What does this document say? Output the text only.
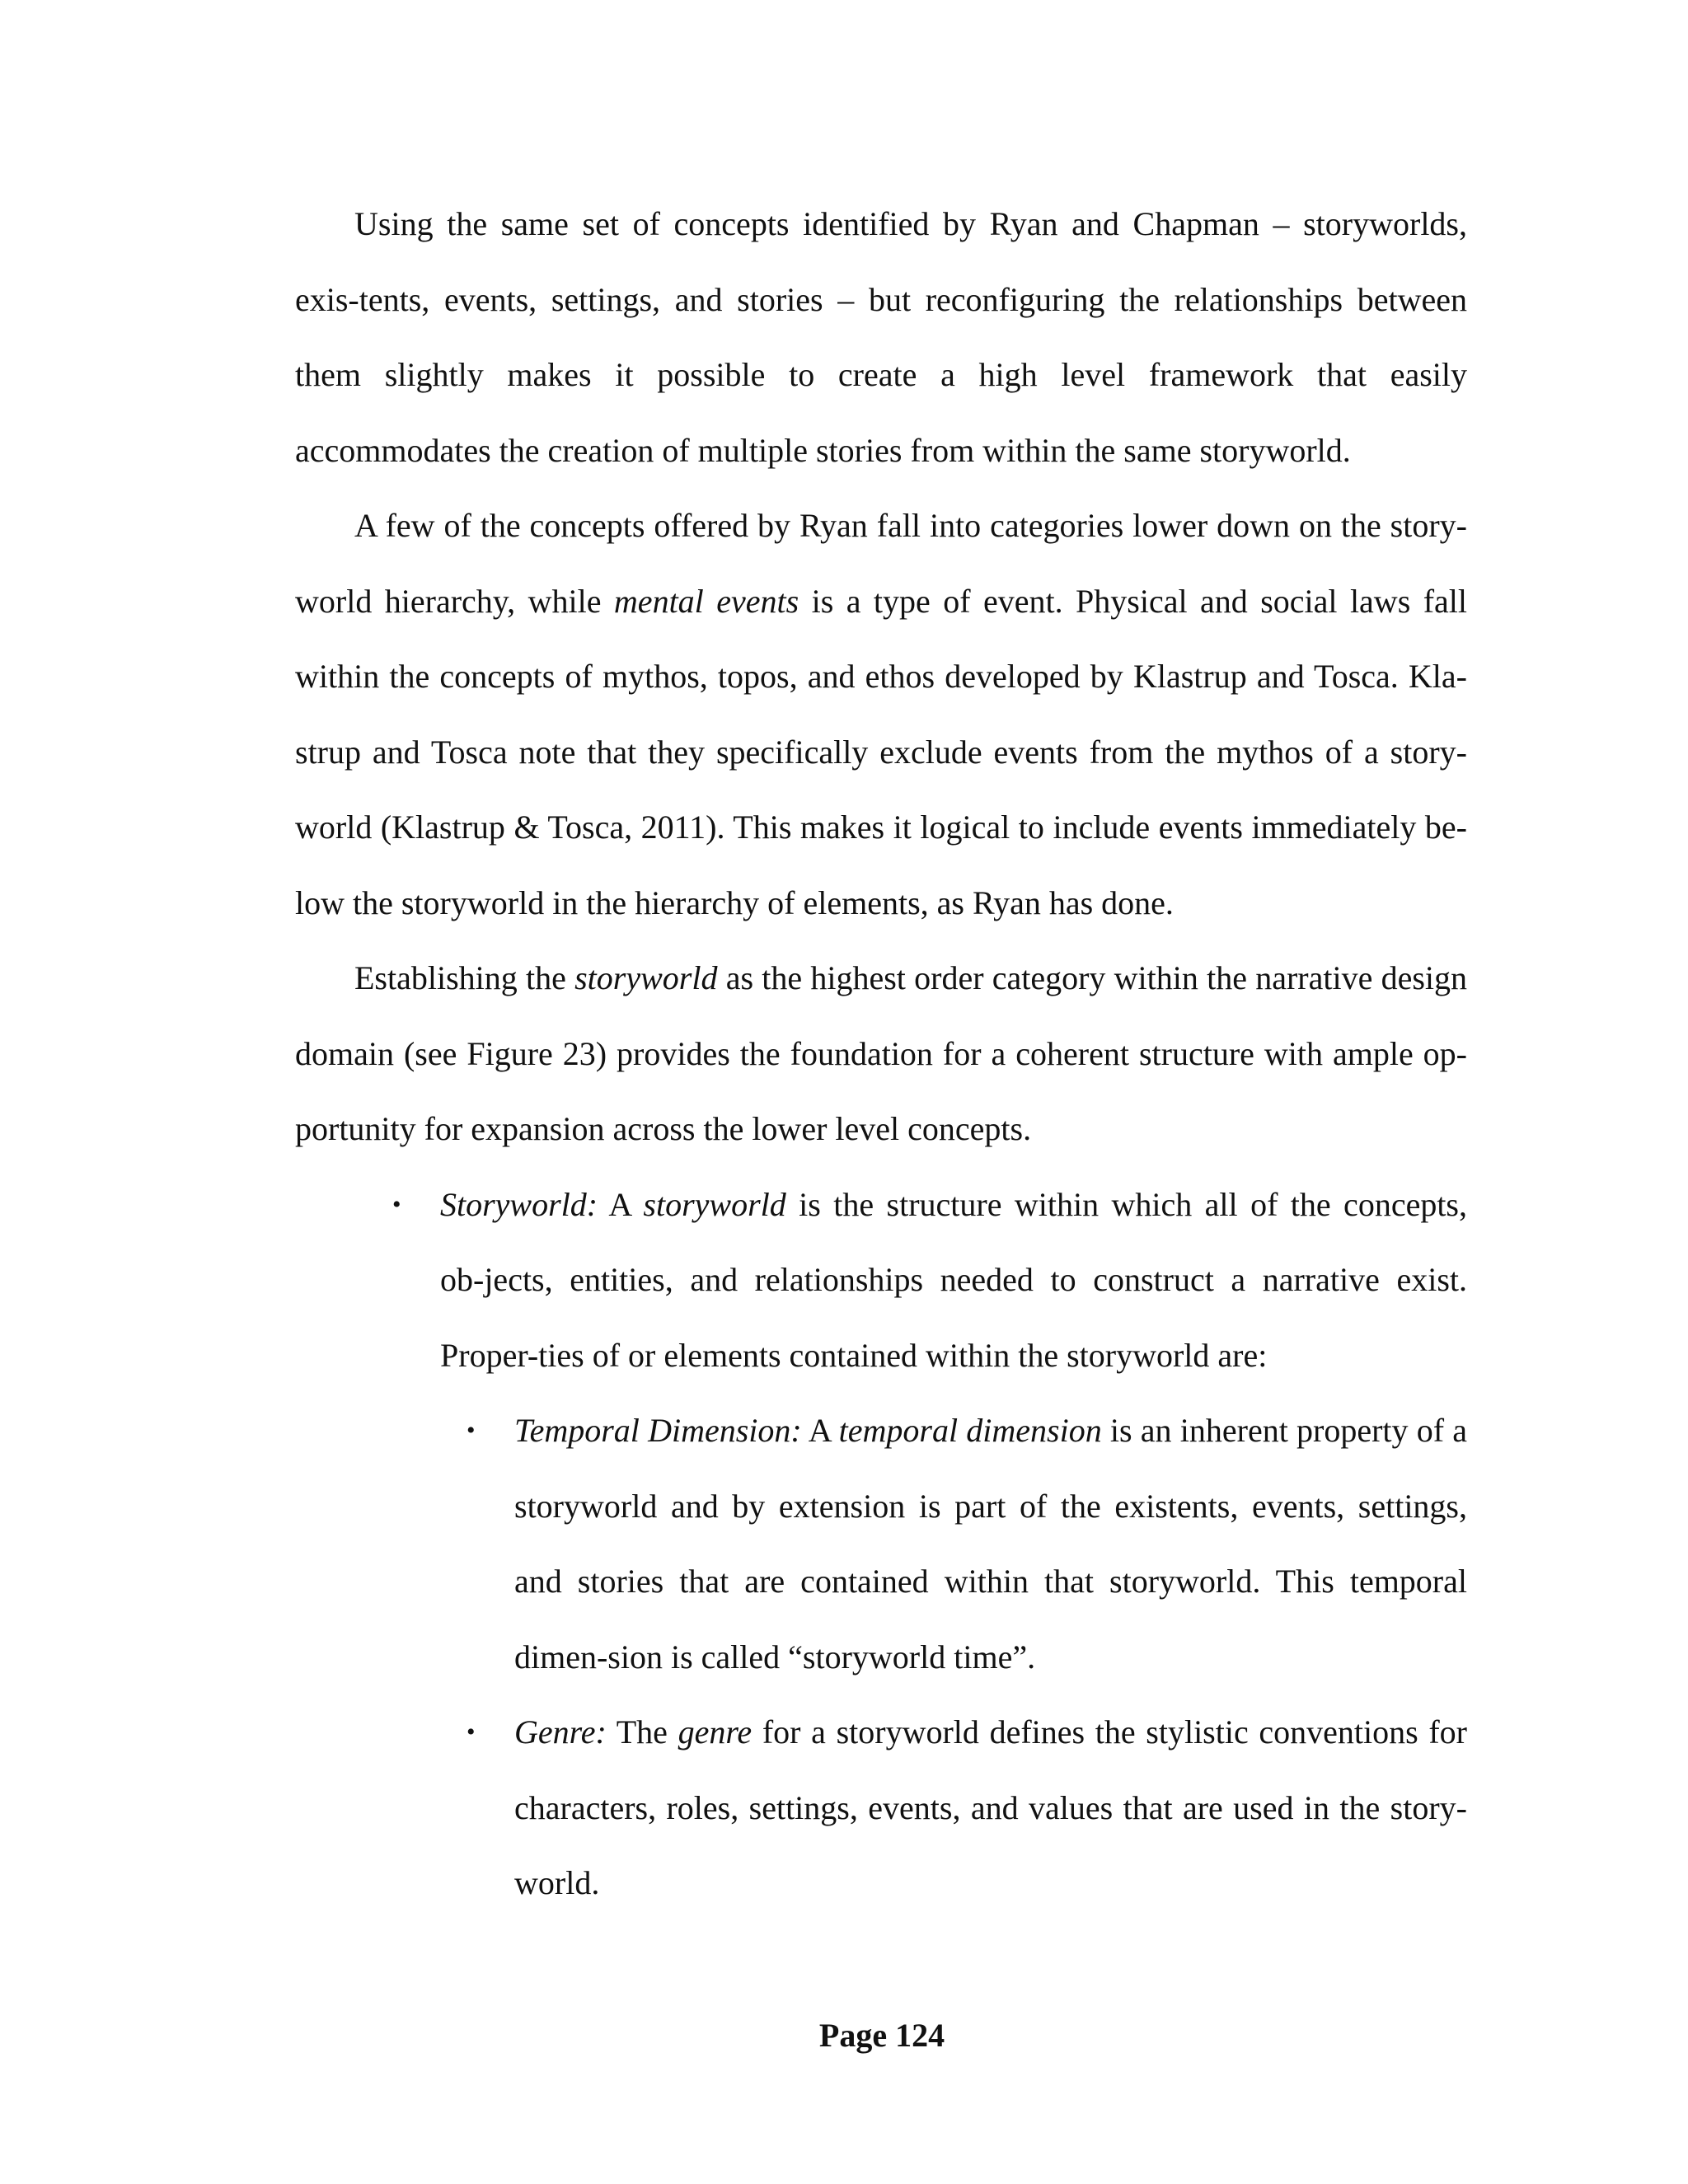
Using the same set of concepts identified by Ryan and Chapman – storyworlds, exis-tents, events, settings, and stories – but reconfiguring the relationships between them slightly makes it possible to create a high level framework that easily accommodates the creation of multiple stories from within the same storyworld.

A few of the concepts offered by Ryan fall into categories lower down on the story-world hierarchy, while mental events is a type of event. Physical and social laws fall within the concepts of mythos, topos, and ethos developed by Klastrup and Tosca. Kla-strup and Tosca note that they specifically exclude events from the mythos of a story-world (Klastrup & Tosca, 2011). This makes it logical to include events immediately be-low the storyworld in the hierarchy of elements, as Ryan has done.

Establishing the storyworld as the highest order category within the narrative design domain (see Figure 23) provides the foundation for a coherent structure with ample op-portunity for expansion across the lower level concepts.

• Storyworld: A storyworld is the structure within which all of the concepts, ob-jects, entities, and relationships needed to construct a narrative exist. Proper-ties of or elements contained within the storyworld are:
• Temporal Dimension: A temporal dimension is an inherent property of a storyworld and by extension is part of the existents, events, settings, and stories that are contained within that storyworld. This temporal dimen-sion is called “storyworld time”.
• Genre: The genre for a storyworld defines the stylistic conventions for characters, roles, settings, events, and values that are used in the story-world.
Page 124
